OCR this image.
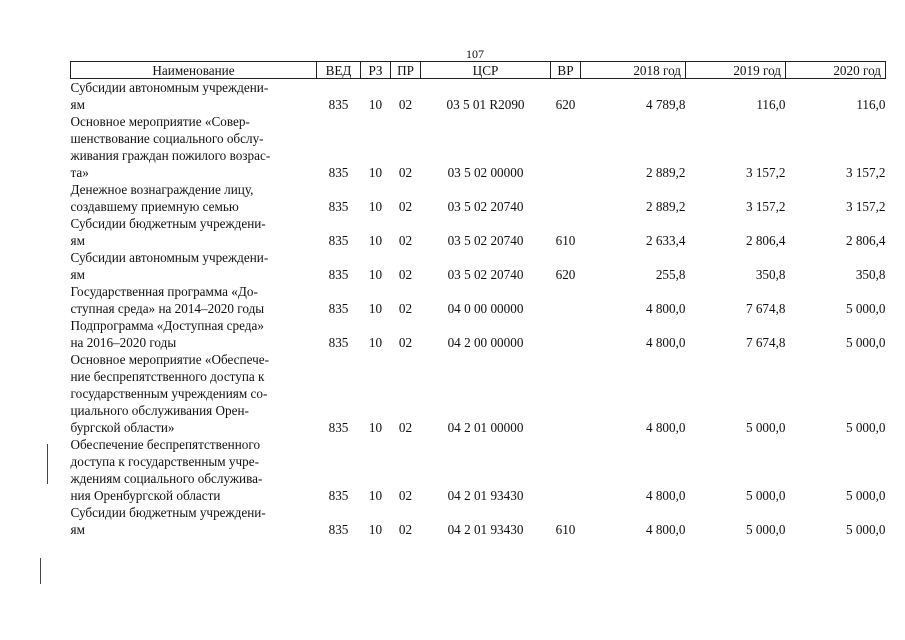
107
Наименование	ВЕД	РЗ	ПР	ЦСР	ВР	2018 год	2019 год	2020 год

Субсидии автономным учреждени-
ям	835	10	02	03 5 01 R2090	620	4 789,8	116,0	116,0

Основное мероприятие «Совер-
шенствование социального обслу-
живания граждан пожилого возрас-
та»	835	10	02	03 5 02 00000		2 889,2	3 157,2	3 157,2

Денежное вознаграждение лицу,
создавшему приемную семью	835	10	02	03 5 02 20740		2 889,2	3 157,2	3 157,2

Субсидии бюджетным учреждени-
ям	835	10	02	03 5 02 20740	610	2 633,4	2 806,4	2 806,4

Субсидии автономным учреждени-
ям	835	10	02	03 5 02 20740	620	255,8	350,8	350,8

Государственная программа «До-
ступная среда» на 2014–2020 годы	835	10	02	04 0 00 00000		4 800,0	7 674,8	5 000,0

Подпрограмма «Доступная среда»
на 2016–2020 годы	835	10	02	04 2 00 00000		4 800,0	7 674,8	5 000,0

Основное мероприятие «Обеспече-
ние беспрепятственного доступа к
государственным учреждениям со-
циального обслуживания Орен-
бургской области»	835	10	02	04 2 01 00000		4 800,0	5 000,0	5 000,0

Обеспечение беспрепятственного
доступа к государственным учре-
ждениям социального обслужива-
ния Оренбургской области	835	10	02	04 2 01 93430		4 800,0	5 000,0	5 000,0

Субсидии бюджетным учреждени-
ям	835	10	02	04 2 01 93430	610	4 800,0	5 000,0	5 000,0
